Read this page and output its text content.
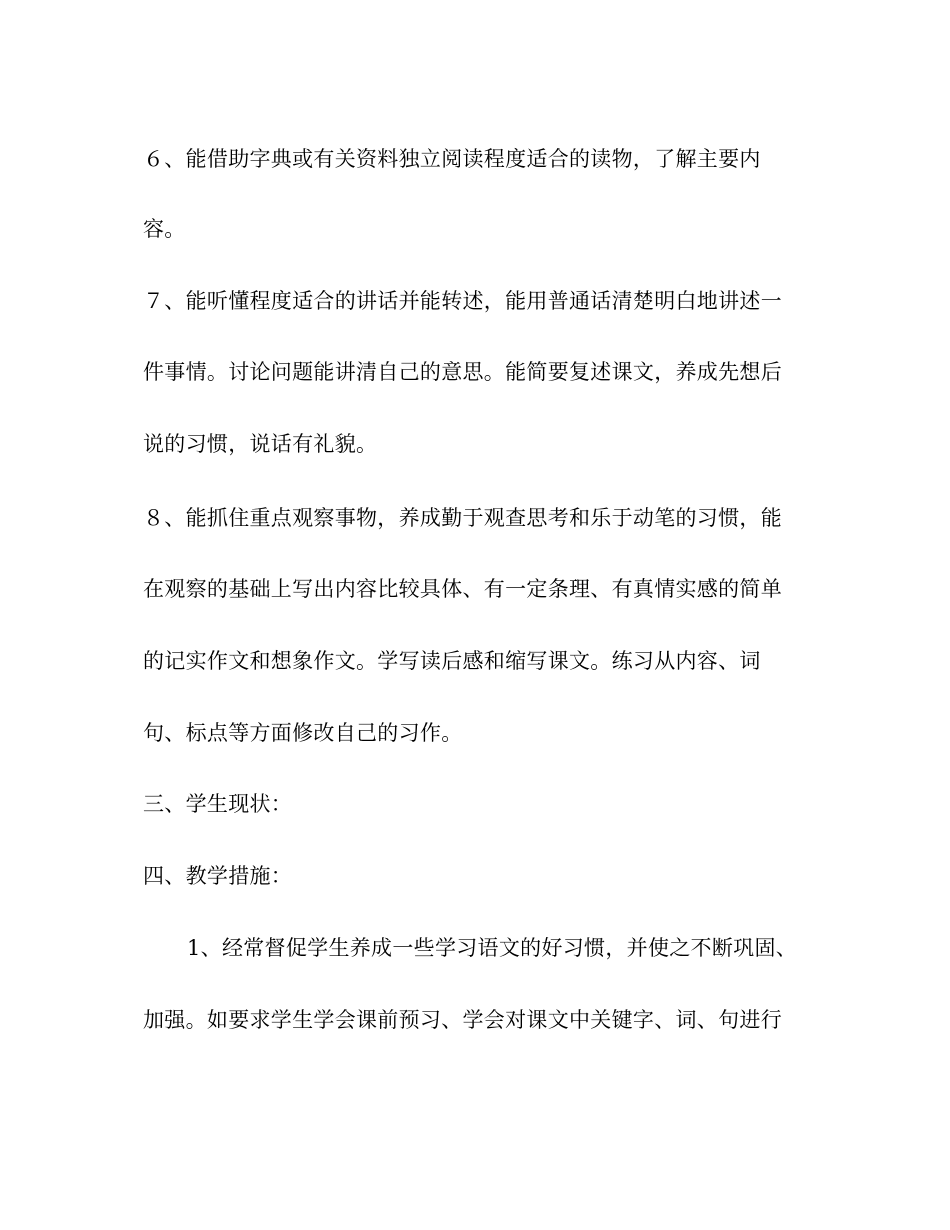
６、能借助字典或有关资料独立阅读程度适合的读物，了解主要内
容。
７、能听懂程度适合的讲话并能转述，能用普通话清楚明白地讲述一
件事情。讨论问题能讲清自己的意思。能简要复述课文，养成先想后
说的习惯，说话有礼貌。
８、能抓住重点观察事物，养成勤于观查思考和乐于动笔的习惯，能
在观察的基础上写出内容比较具体、有一定条理、有真情实感的简单
的记实作文和想象作文。学写读后感和缩写课文。练习从内容、词
句、标点等方面修改自己的习作。
三、学生现状：
四、教学措施：
1、经常督促学生养成一些学习语文的好习惯，并使之不断巩固、
加强。如要求学生学会课前预习、学会对课文中关键字、词、句进行
